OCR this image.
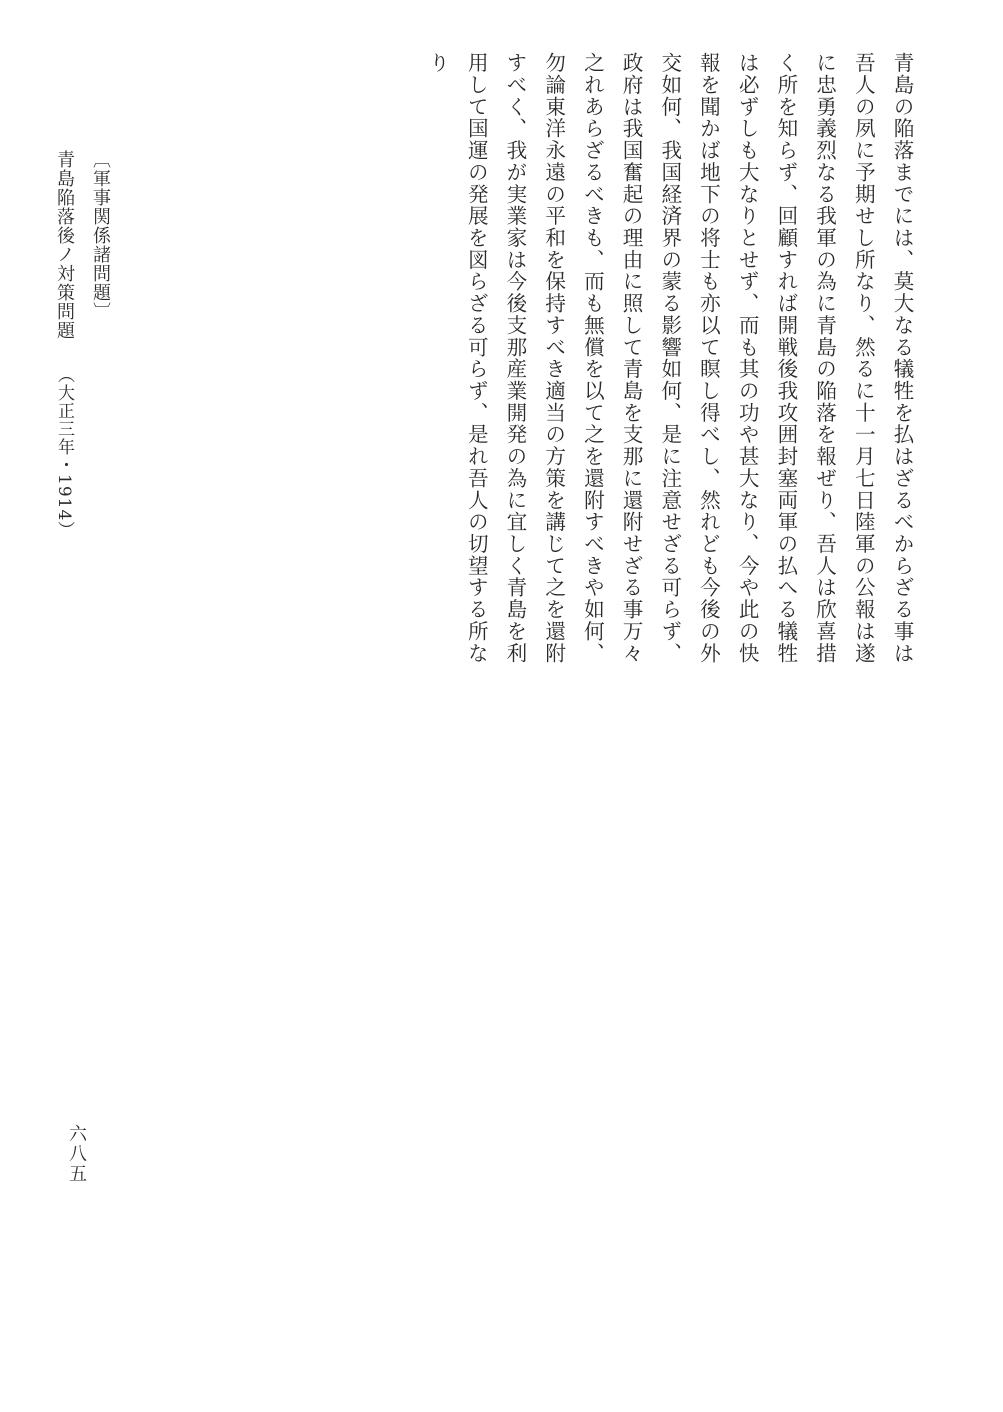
青島の陥落までには、莫大なる犠牲を払はざるべからざる事は吾人の夙に予期せし所なり、然るに十一月七日陸軍の公報は遂に忠勇義烈なる我軍の為に青島の陥落を報ぜり、吾人は欣喜措く所を知らず、回顧すれば開戦後我攻囲封塞両軍の払へる犠牲は必ずしも大なりとせず、而も其の功や甚大なり、今や此の快報を聞かば地下の将士も亦以て瞑し得べし、然れども今後の外交如何、我国経済界の蒙る影響如何、是に注意せざる可らず、政府は我国奮起の理由に照して青島を支那に還附せざる事万々之れあらざるべきも、而も無償を以て之を還附すべきや如何、勿論東洋永遠の平和を保持すべき適当の方策を講じて之を還附すべく、我が実業家は今後支那産業開発の為に宜しく青島を利用して国運の発展を図らざる可らず、是れ吾人の切望する所なり

〔軍事関係諸問題〕
青島陥落後ノ対策問題（大正三年・1914）
六八五
